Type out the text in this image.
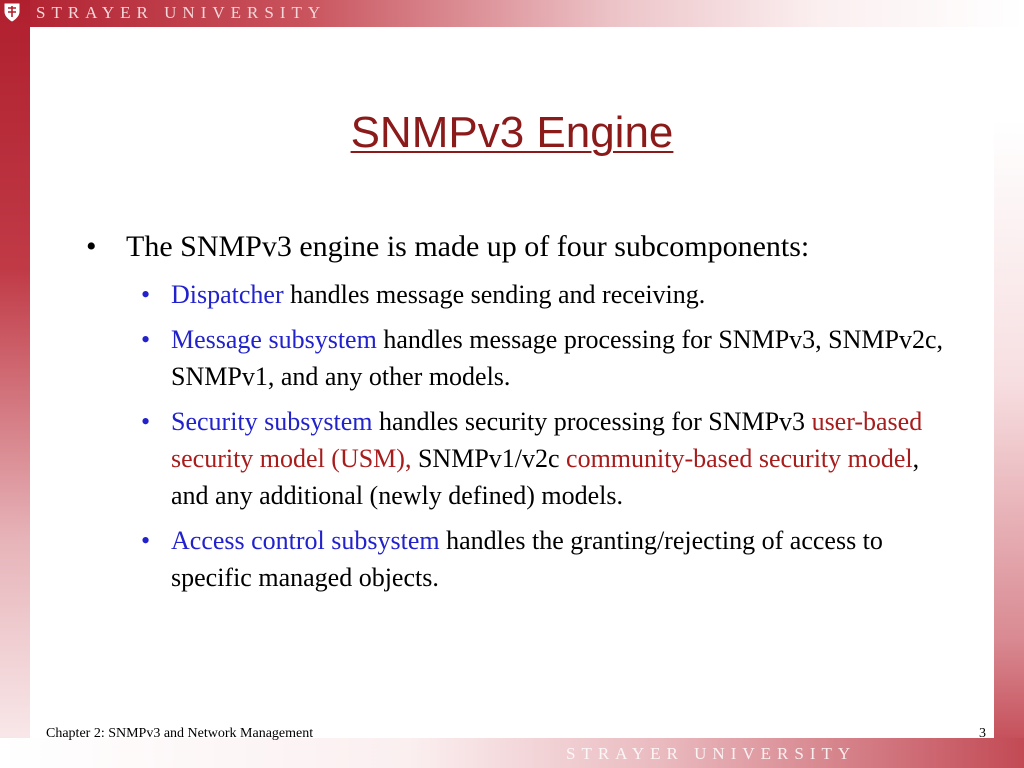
STRAYER UNIVERSITY
STRAYER UNIVERSITY
SNMPv3 Engine
• The SNMPv3 engine is made up of four subcomponents:
• Dispatcher handles message sending and receiving.
• Message subsystem handles message processing for SNMPv3, SNMPv2c, SNMPv1, and any other models.
• Security subsystem handles security processing for SNMPv3 user-based security model (USM), SNMPv1/v2c community-based security model, and any additional (newly defined) models.
• Access control subsystem handles the granting/rejecting of access to specific managed objects.
Chapter 2: SNMPv3 and Network Management	3
